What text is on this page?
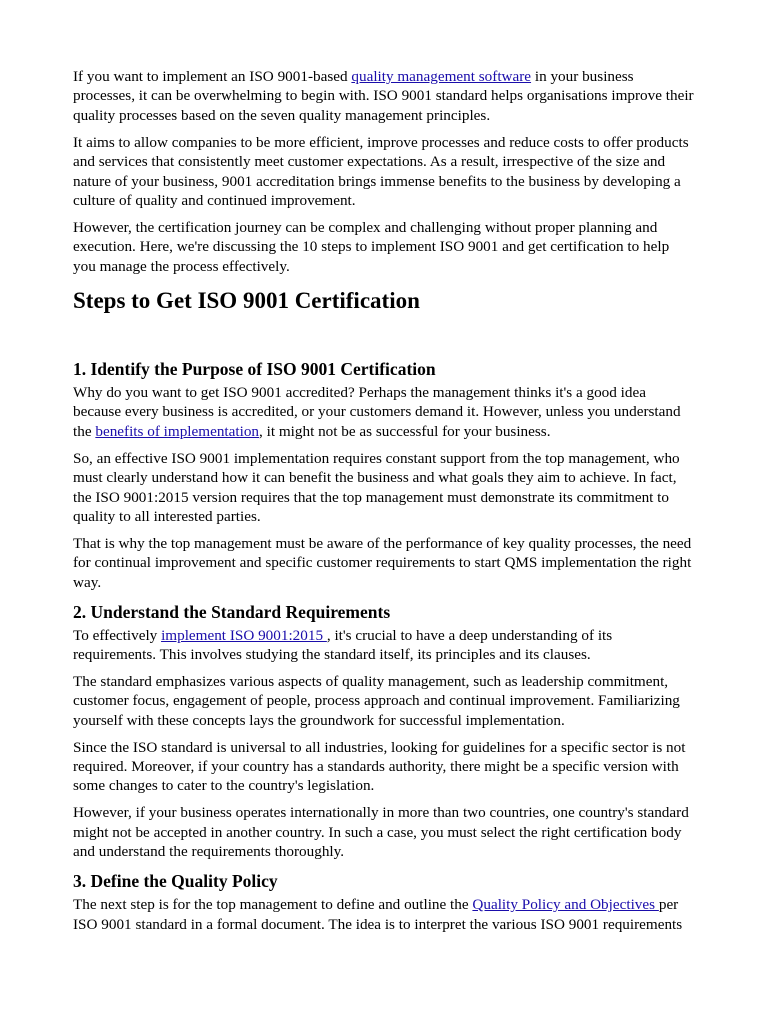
If you want to implement an ISO 9001-based quality management software in your business processes, it can be overwhelming to begin with. ISO 9001 standard helps organisations improve their quality processes based on the seven quality management principles.

It aims to allow companies to be more efficient, improve processes and reduce costs to offer products and services that consistently meet customer expectations. As a result, irrespective of the size and nature of your business, 9001 accreditation brings immense benefits to the business by developing a culture of quality and continued improvement.

However, the certification journey can be complex and challenging without proper planning and execution. Here, we're discussing the 10 steps to implement ISO 9001 and get certification to help you manage the process effectively.

Steps to Get ISO 9001 Certification
1. Identify the Purpose of ISO 9001 Certification

Why do you want to get ISO 9001 accredited? Perhaps the management thinks it's a good idea because every business is accredited, or your customers demand it. However, unless you understand the benefits of implementation, it might not be as successful for your business.

So, an effective ISO 9001 implementation requires constant support from the top management, who must clearly understand how it can benefit the business and what goals they aim to achieve. In fact, the ISO 9001:2015 version requires that the top management must demonstrate its commitment to quality to all interested parties.

That is why the top management must be aware of the performance of key quality processes, the need for continual improvement and specific customer requirements to start QMS implementation the right way.

2. Understand the Standard Requirements

To effectively implement ISO 9001:2015 , it's crucial to have a deep understanding of its requirements. This involves studying the standard itself, its principles and its clauses.

The standard emphasizes various aspects of quality management, such as leadership commitment, customer focus, engagement of people, process approach and continual improvement. Familiarizing yourself with these concepts lays the groundwork for successful implementation.

Since the ISO standard is universal to all industries, looking for guidelines for a specific sector is not required. Moreover, if your country has a standards authority, there might be a specific version with some changes to cater to the country's legislation.

However, if your business operates internationally in more than two countries, one country's standard might not be accepted in another country. In such a case, you must select the right certification body and understand the requirements thoroughly.

3. Define the Quality Policy

The next step is for the top management to define and outline the Quality Policy and Objectives per ISO 9001 standard in a formal document. The idea is to interpret the various ISO 9001 requirements
